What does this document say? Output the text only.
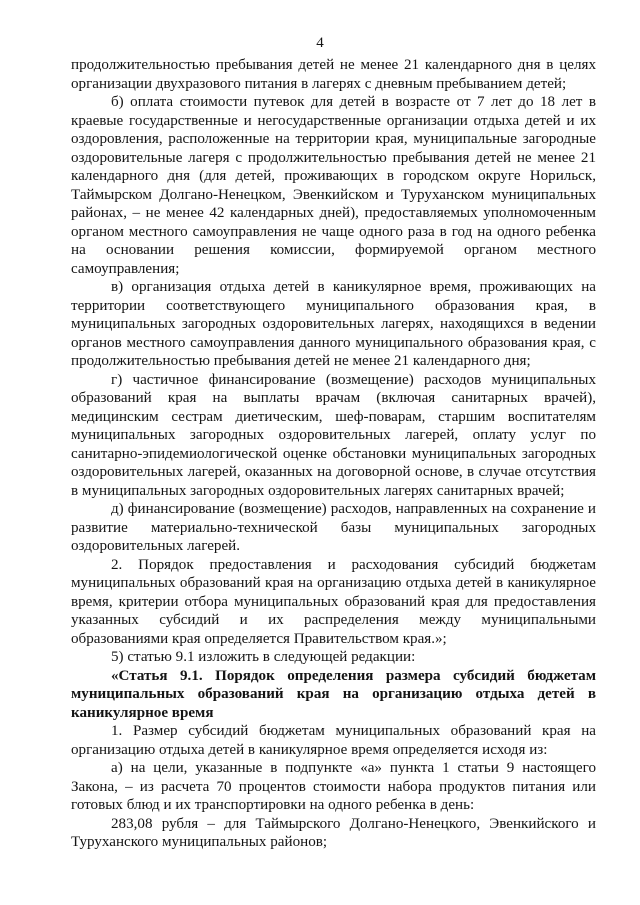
4

продолжительностью пребывания детей не менее 21 календарного дня в целях организации двухразового питания в лагерях с дневным пребыванием детей;

б) оплата стоимости путевок для детей в возрасте от 7 лет до 18 лет в краевые государственные и негосударственные организации отдыха детей и их оздоровления, расположенные на территории края, муниципальные загородные оздоровительные лагеря с продолжительностью пребывания детей не менее 21 календарного дня (для детей, проживающих в городском округе Норильск, Таймырском Долгано-Ненецком, Эвенкийском и Туруханском муниципальных районах, – не менее 42 календарных дней), предоставляемых уполномоченным органом местного самоуправления не чаще одного раза в год на одного ребенка на основании решения комиссии, формируемой органом местного самоуправления;

в) организация отдыха детей в каникулярное время, проживающих на территории соответствующего муниципального образования края, в муниципальных загородных оздоровительных лагерях, находящихся в ведении органов местного самоуправления данного муниципального образования края, с продолжительностью пребывания детей не менее 21 календарного дня;

г) частичное финансирование (возмещение) расходов муниципальных образований края на выплаты врачам (включая санитарных врачей), медицинским сестрам диетическим, шеф-поварам, старшим воспитателям муниципальных загородных оздоровительных лагерей, оплату услуг по санитарно-эпидемиологической оценке обстановки муниципальных загородных оздоровительных лагерей, оказанных на договорной основе, в случае отсутствия в муниципальных загородных оздоровительных лагерях санитарных врачей;

д) финансирование (возмещение) расходов, направленных на сохранение и развитие материально-технической базы муниципальных загородных оздоровительных лагерей.

2. Порядок предоставления и расходования субсидий бюджетам муниципальных образований края на организацию отдыха детей в каникулярное время, критерии отбора муниципальных образований края для предоставления указанных субсидий и их распределения между муниципальными образованиями края определяется Правительством края.»;

5) статью 9.1 изложить в следующей редакции:

«Статья 9.1. Порядок определения размера субсидий бюджетам муниципальных образований края на организацию отдыха детей в каникулярное время

1. Размер субсидий бюджетам муниципальных образований края на организацию отдыха детей в каникулярное время определяется исходя из:

а) на цели, указанные в подпункте «а» пункта 1 статьи 9 настоящего Закона, – из расчета 70 процентов стоимости набора продуктов питания или готовых блюд и их транспортировки на одного ребенка в день:

283,08 рубля – для Таймырского Долгано-Ненецкого, Эвенкийского и Туруханского муниципальных районов;
